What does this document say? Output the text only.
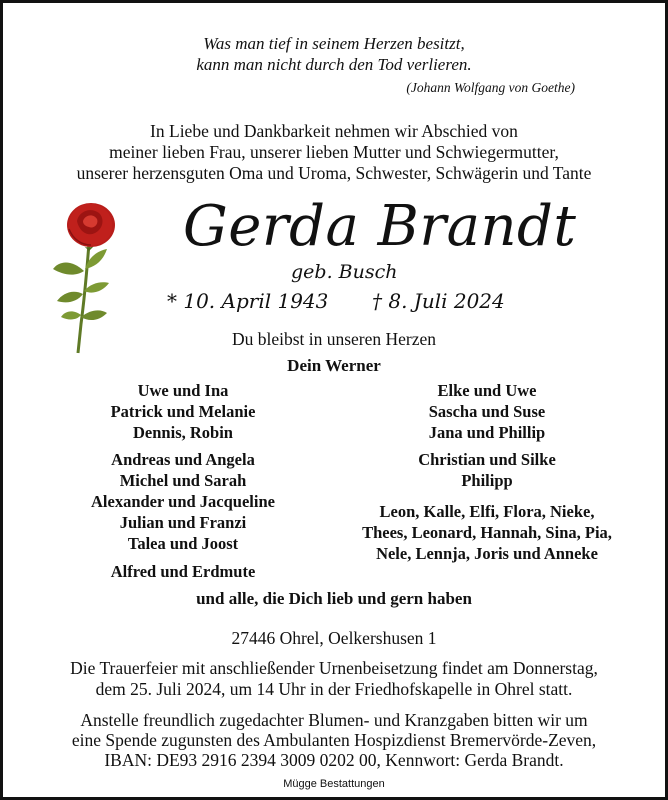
Was man tief in seinem Herzen besitzt,
kann man nicht durch den Tod verlieren.
(Johann Wolfgang von Goethe)
In Liebe und Dankbarkeit nehmen wir Abschied von
meiner lieben Frau, unserer lieben Mutter und Schwiegermutter,
unserer herzensguten Oma und Uroma, Schwester, Schwägerin und Tante
Gerda Brandt
geb. Busch
* 10. April 1943 † 8. Juli 2024
Du bleibst in unseren Herzen
Dein Werner
Uwe und Ina
Patrick und Melanie
Dennis, Robin
Andreas und Angela
Michel und Sarah
Alexander und Jacqueline
Julian und Franzi
Talea und Joost
Alfred und Erdmute
Elke und Uwe
Sascha und Suse
Jana und Phillip
Christian und Silke
Philipp
Leon, Kalle, Elfi, Flora, Nieke,
Thees, Leonard, Hannah, Sina, Pia,
Nele, Lennja, Joris und Anneke
und alle, die Dich lieb und gern haben
27446 Ohrel, Oelkershusen 1
Die Trauerfeier mit anschließender Urnenbeisetzung findet am Donnerstag,
dem 25. Juli 2024, um 14 Uhr in der Friedhofskapelle in Ohrel statt.
Anstelle freundlich zugedachter Blumen- und Kranzgaben bitten wir um
eine Spende zugunsten des Ambulanten Hospizdienst Bremervörde-Zeven,
IBAN: DE93 2916 2394 3009 0202 00, Kennwort: Gerda Brandt.
Mügge Bestattungen
